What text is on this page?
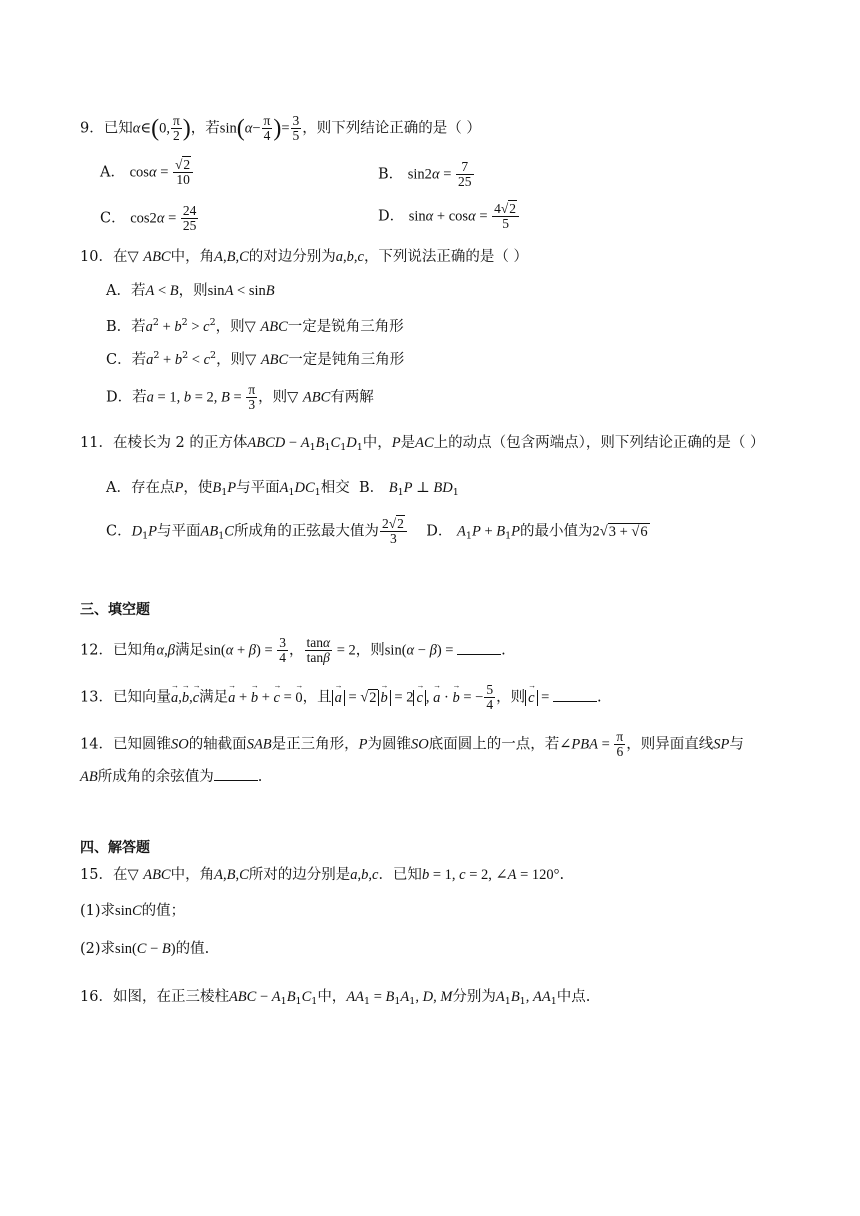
9．已知α∈(0, $\frac{\pi}{2}$ )，若$\sin(\alpha- \frac{\pi}{4}$ )= $\frac{3}{5}$ ，则下列结论正确的是（ ）
A． $\cos\alpha = \frac{√2}{10}$	B． $\sin 2\alpha = \frac{7}{25}$
C． $\cos 2\alpha = \frac{24}{25}$	D． $\sin\alpha + \cos\alpha = \frac{4√2}{5}$
10．在▽ ABC中，角A,B,C的对边分别为a,b,c，下列说法正确的是（ ）
A．若A < B，则sinA < sinB
B．若$a^2 + b^2 > c^2$，则▽ ABC一定是锐角三角形
C．若$a^2 + b^2 < c^2$，则▽ ABC一定是钝角三角形
D．若a = 1, b = 2, $B = \frac{\pi}{3}$ ，则▽ ABC有两解
11．在棱长为 2 的正方体ABCD − $A_1B_1C_1D_1$中，P是AC上的动点（包含两端点），则下列结论正确的是（ ）
A．存在点P，使$B_1P$与平面$A_1DC_1$相交 B． $B_1P$ ⊥ $BD_1$
C．$D_1P$与平面$AB_1C$所成角的正弦最大值为 $\frac{2√2}{3}$ D． $A_1P + B_1P$的最小值为2√3 + √6
三、填空题
12．已知角α,β满足$\sin(\alpha + \beta) = \frac{3}{4}$ ， $\frac{\tan\alpha}{\tan\beta} = 2$，则sin(α − β) =	.
13．已知向量→ a,→ b,→ c满足→ a + → b + → c = → 0，且 → a = √2 → b = 2 → c , → a · → b = − $\frac{5}{4}$ ，则 → c =	.
14．已知圆锥SO的轴截面SAB是正三角形，P为圆锥SO底面圆上的一点，若∠PBA = $\frac{\pi}{6}$ ，则异面直线SP与
AB所成角的余弦值为	.
四、解答题
15．在▽ ABC中，角A,B,C所对的边分别是a,b,c．已知b = 1, c = 2, ∠A = 120°.
(1)求sinC的值；
(2)求sin(C − B)的值.
16．如图，在正三棱柱ABC − $A_1B_1C_1$中，$AA_1 = B_1A_1$, D, M分别为$A_1B_1$, $AA_1$中点.
